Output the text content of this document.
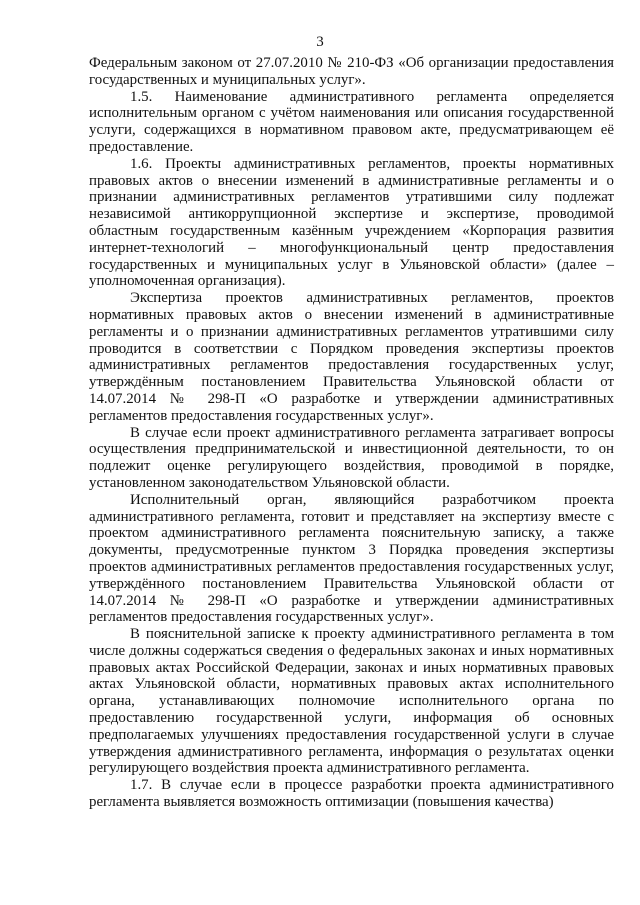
3

Федеральным законом от 27.07.2010 № 210-ФЗ «Об организации предоставления государственных и муниципальных услуг».

1.5. Наименование административного регламента определяется исполнительным органом с учётом наименования или описания государственной услуги, содержащихся в нормативном правовом акте, предусматривающем её предоставление.

1.6. Проекты административных регламентов, проекты нормативных правовых актов о внесении изменений в административные регламенты и о признании административных регламентов утратившими силу подлежат независимой антикоррупционной экспертизе и экспертизе, проводимой областным государственным казённым учреждением «Корпорация развития интернет-технологий – многофункциональный центр предоставления государственных и муниципальных услуг в Ульяновской области» (далее – уполномоченная организация).

Экспертиза проектов административных регламентов, проектов нормативных правовых актов о внесении изменений в административные регламенты и о признании административных регламентов утратившими силу проводится в соответствии с Порядком проведения экспертизы проектов административных регламентов предоставления государственных услуг, утверждённым постановлением Правительства Ульяновской области от 14.07.2014 № 298-П «О разработке и утверждении административных регламентов предоставления государственных услуг».

В случае если проект административного регламента затрагивает вопросы осуществления предпринимательской и инвестиционной деятельности, то он подлежит оценке регулирующего воздействия, проводимой в порядке, установленном законодательством Ульяновской области.

Исполнительный орган, являющийся разработчиком проекта административного регламента, готовит и представляет на экспертизу вместе с проектом административного регламента пояснительную записку, а также документы, предусмотренные пунктом 3 Порядка проведения экспертизы проектов административных регламентов предоставления государственных услуг, утверждённого постановлением Правительства Ульяновской области от 14.07.2014 № 298-П «О разработке и утверждении административных регламентов предоставления государственных услуг».

В пояснительной записке к проекту административного регламента в том числе должны содержаться сведения о федеральных законах и иных нормативных правовых актах Российской Федерации, законах и иных нормативных правовых актах Ульяновской области, нормативных правовых актах исполнительного органа, устанавливающих полномочие исполнительного органа по предоставлению государственной услуги, информация об основных предполагаемых улучшениях предоставления государственной услуги в случае утверждения административного регламента, информация о результатах оценки регулирующего воздействия проекта административного регламента.

1.7. В случае если в процессе разработки проекта административного регламента выявляется возможность оптимизации (повышения качества)
